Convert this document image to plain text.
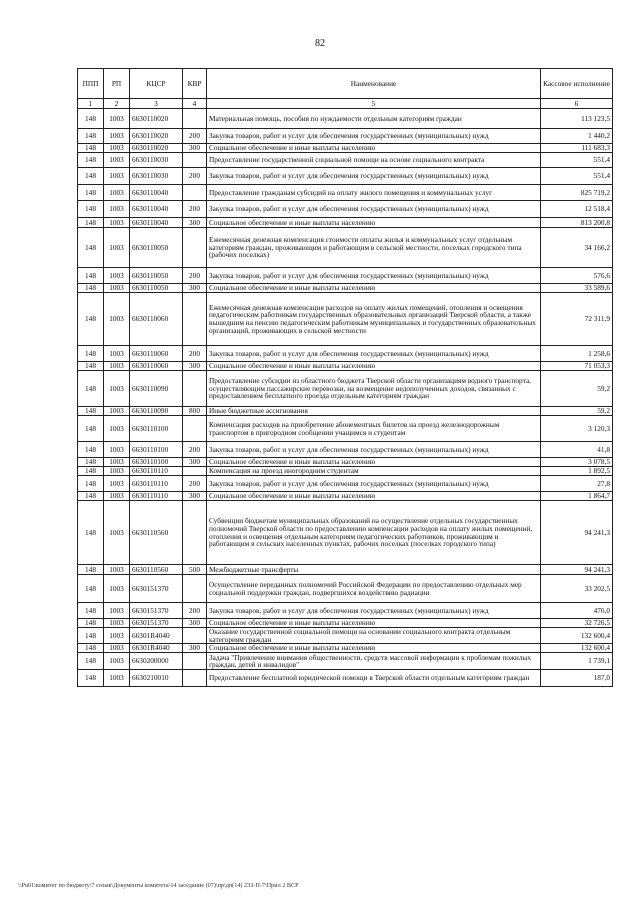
82
ППП	РП	КЦСР	КВР	Наименование	Кассовое исполнение
1	2	3	4	5	6
148	1003	6630110020		Материальная помощь, пособия по нуждаемости отдельным категориям граждан	113 123,5
148	1003	6630110020	200	Закупка товаров, работ и услуг для обеспечения государственных (муниципальных) нужд	1 440,2
148	1003	6630110020	300	Социальное обеспечение и иные выплаты населению	111 683,3
148	1003	6630110030		Предоставление государственной социальной помощи на основе социального контракта	551,4
148	1003	6630110030	200	Закупка товаров, работ и услуг для обеспечения государственных (муниципальных) нужд	551,4
148	1003	6630110040		Предоставление гражданам субсидий на оплату жилого помещения и коммунальных услуг	825 719,2
148	1003	6630110040	200	Закупка товаров, работ и услуг для обеспечения государственных (муниципальных) нужд	12 518,4
148	1003	6630110040	300	Социальное обеспечение и иные выплаты населению	813 200,8
148	1003	6630110050		Ежемесячная денежная компенсация стоимости оплаты жилья и коммунальных услуг отдельным категориям граждан, проживающим и работающим в сельской местности, поселках городского типа (рабочих поселках)	34 166,2
148	1003	6630110050	200	Закупка товаров, работ и услуг для обеспечения государственных (муниципальных) нужд	576,6
148	1003	6630110050	300	Социальное обеспечение и иные выплаты населению	33 589,6
148	1003	6630110060		Ежемесячная денежная компенсация расходов на оплату жилых помещений, отопления и освещения педагогическим работникам государственных образовательных организаций Тверской области, а также вышедшим на пенсию педагогическим работникам муниципальных и государственных образовательных организаций, проживающих в сельской местности	72 311,9
148	1003	6630110060	200	Закупка товаров, работ и услуг для обеспечения государственных (муниципальных) нужд	1 258,6
148	1003	6630110060	300	Социальное обеспечение и иные выплаты населению	71 053,3
148	1003	6630110090		Предоставление субсидии из областного бюджета Тверской области организациям водного транспорта, осуществляющим пассажирские перевозки, на возмещение недополученных доходов, связанных с предоставлением бесплатного проезда отдельным категориям граждан	59,2
148	1003	6630110090	800	Иные бюджетные ассигнования	59,2
148	1003	6630110100		Компенсация расходов на приобретение абонементных билетов на проезд железнодорожным транспортом в пригородном сообщении учащимся и студентам	3 120,3
148	1003	6630110100	200	Закупка товаров, работ и услуг для обеспечения государственных (муниципальных) нужд	41,8
148	1003	6630110100	300	Социальное обеспечение и иные выплаты населению	3 078,5
148	1003	6630110110		Компенсация на проезд иногородним студентам	1 892,5
148	1003	6630110110	200	Закупка товаров, работ и услуг для обеспечения государственных (муниципальных) нужд	27,8
148	1003	6630110110	300	Социальное обеспечение и иные выплаты населению	1 864,7
148	1003	6630110560		Субвенции бюджетам муниципальных образований на осуществление отдельных государственных полномочий Тверской области по предоставлению компенсации расходов на оплату жилых помещений, отопления и освещения отдельным категориям педагогических работников, проживающим и работающим в сельских населенных пунктах, рабочих поселках (поселках городского типа)	94 241,3
148	1003	6630110560	500	Межбюджетные трансферты	94 241,3
148	1003	6630151370		Осуществление переданных полномочий Российской Федерации по предоставлению отдельных мер социальной поддержки граждан, подвергшихся воздействию радиации	33 202,5
148	1003	6630151370	200	Закупка товаров, работ и услуг для обеспечения государственных (муниципальных) нужд	476,0
148	1003	6630151370	300	Социальное обеспечение и иные выплаты населению	32 726,5
148	1003	66301R4040		Оказание государственной социальной помощи на основании социального контракта отдельным категориям граждан	132 600,4
148	1003	66301R4040	300	Социальное обеспечение и иные выплаты населению	132 600,4
148	1003	6630200000		Задача "Привлечение внимания общественности, средств массовой информации к проблемам пожилых граждан, детей и инвалидов"	1 739,1
148	1003	6630210010		Предоставление бесплатной юридической помощи в Тверской области отдельным категориям граждан	187,0
\\Pu01\комитет по бюджету\7 созыв\Документы комитета\14 заседание (07)\пр\дп(14) 233-П-7\Прил 2 ВСР
